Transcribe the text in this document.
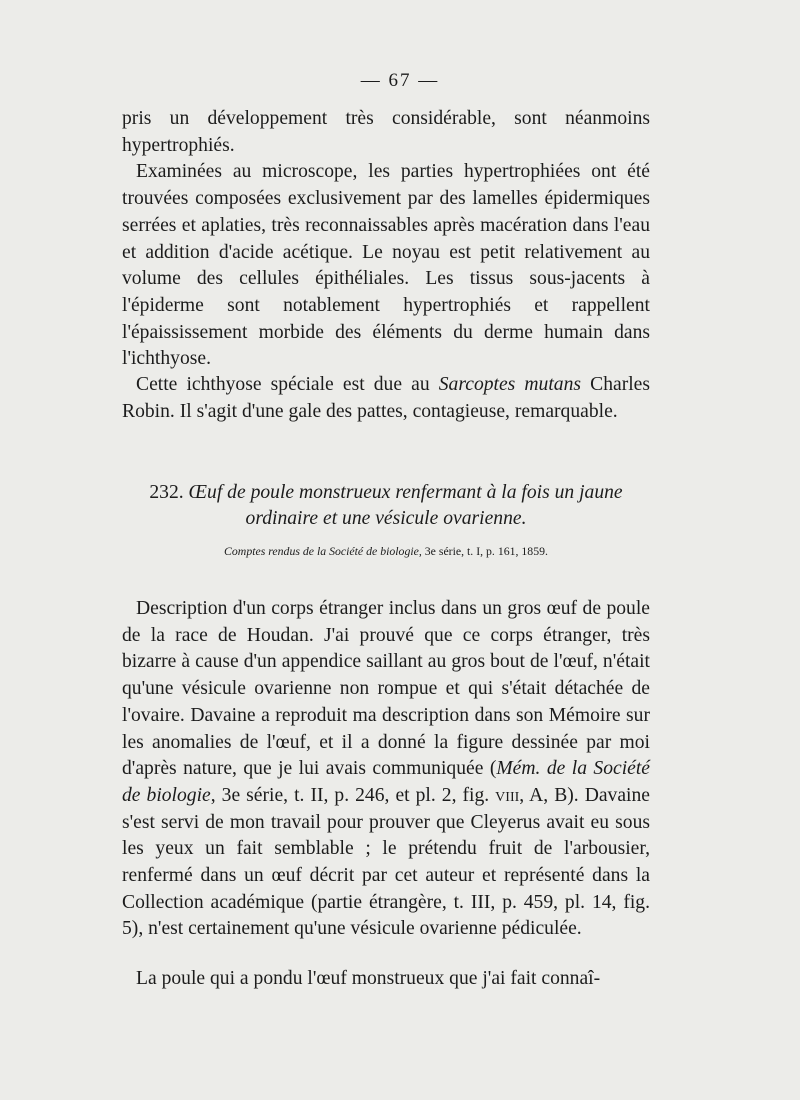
— 67 —

pris un développement très considérable, sont néanmoins hypertrophiés.

Examinées au microscope, les parties hypertrophiées ont été trouvées composées exclusivement par des lamelles épidermiques serrées et aplaties, très reconnaissables après macération dans l'eau et addition d'acide acétique. Le noyau est petit relativement au volume des cellules épithéliales. Les tissus sous-jacents à l'épiderme sont notablement hypertrophiés et rappellent l'épaississement morbide des éléments du derme humain dans l'ichthyose.

Cette ichthyose spéciale est due au Sarcoptes mutans Charles Robin. Il s'agit d'une gale des pattes, contagieuse, remarquable.

232. Œuf de poule monstrueux renfermant à la fois un jaune ordinaire et une vésicule ovarienne.
Comptes rendus de la Société de biologie, 3e série, t. I, p. 161, 1859.

Description d'un corps étranger inclus dans un gros œuf de poule de la race de Houdan. J'ai prouvé que ce corps étranger, très bizarre à cause d'un appendice saillant au gros bout de l'œuf, n'était qu'une vésicule ovarienne non rompue et qui s'était détachée de l'ovaire. Davaine a reproduit ma description dans son Mémoire sur les anomalies de l'œuf, et il a donné la figure dessinée par moi d'après nature, que je lui avais communiquée (Mém. de la Société de biologie, 3e série, t. II, p. 246, et pl. 2, fig. viii, A, B). Davaine s'est servi de mon travail pour prouver que Cleyerus avait eu sous les yeux un fait semblable ; le prétendu fruit de l'arbousier, renfermé dans un œuf décrit par cet auteur et représenté dans la Collection académique (partie étrangère, t. III, p. 459, pl. 14, fig. 5), n'est certainement qu'une vésicule ovarienne pédiculée.

La poule qui a pondu l'œuf monstrueux que j'ai fait connaî-
